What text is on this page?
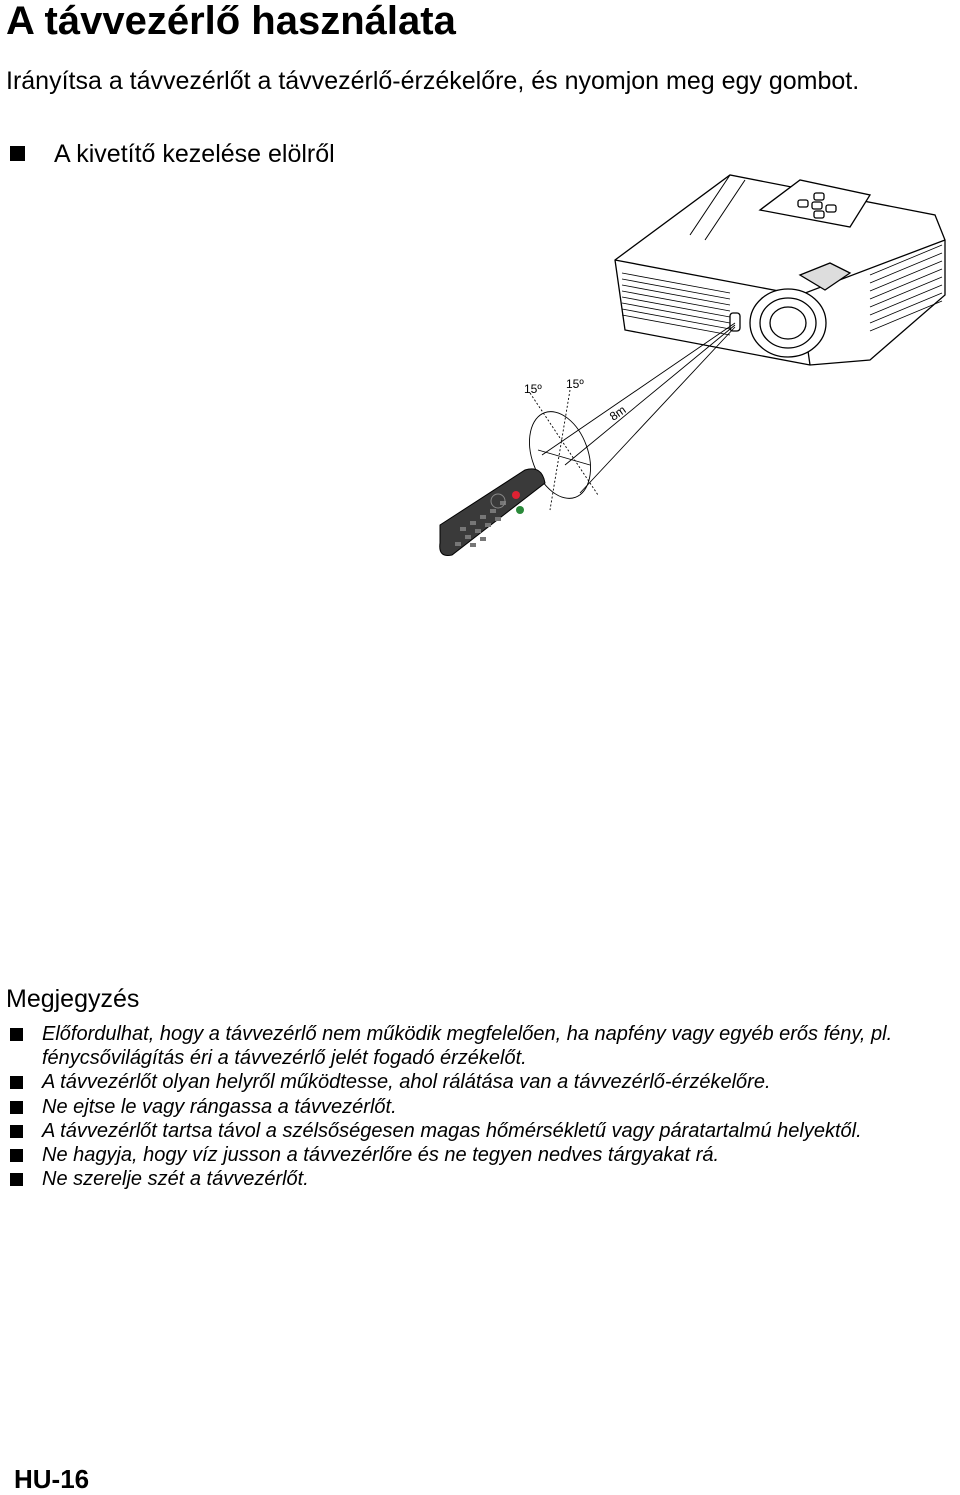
A távvezérlő használata

Irányítsa a távvezérlőt a távvezérlő-érzékelőre, és nyomjon meg egy gombot.

A kivetítő kezelése elölről
15º 15º
8m
Megjegyzés
Előfordulhat, hogy a távvezérlő nem működik megfelelően, ha napfény vagy egyéb erős fény, pl. fénycsővilágítás éri a távvezérlő jelét fogadó érzékelőt.
A távvezérlőt olyan helyről működtesse, ahol rálátása van a távvezérlő-érzékelőre.
Ne ejtse le vagy rángassa a távvezérlőt.
A távvezérlőt tartsa távol a szélsőségesen magas hőmérsékletű vagy páratartalmú helyektől.
Ne hagyja, hogy víz jusson a távvezérlőre és ne tegyen nedves tárgyakat rá.
Ne szerelje szét a távvezérlőt.
HU-16
